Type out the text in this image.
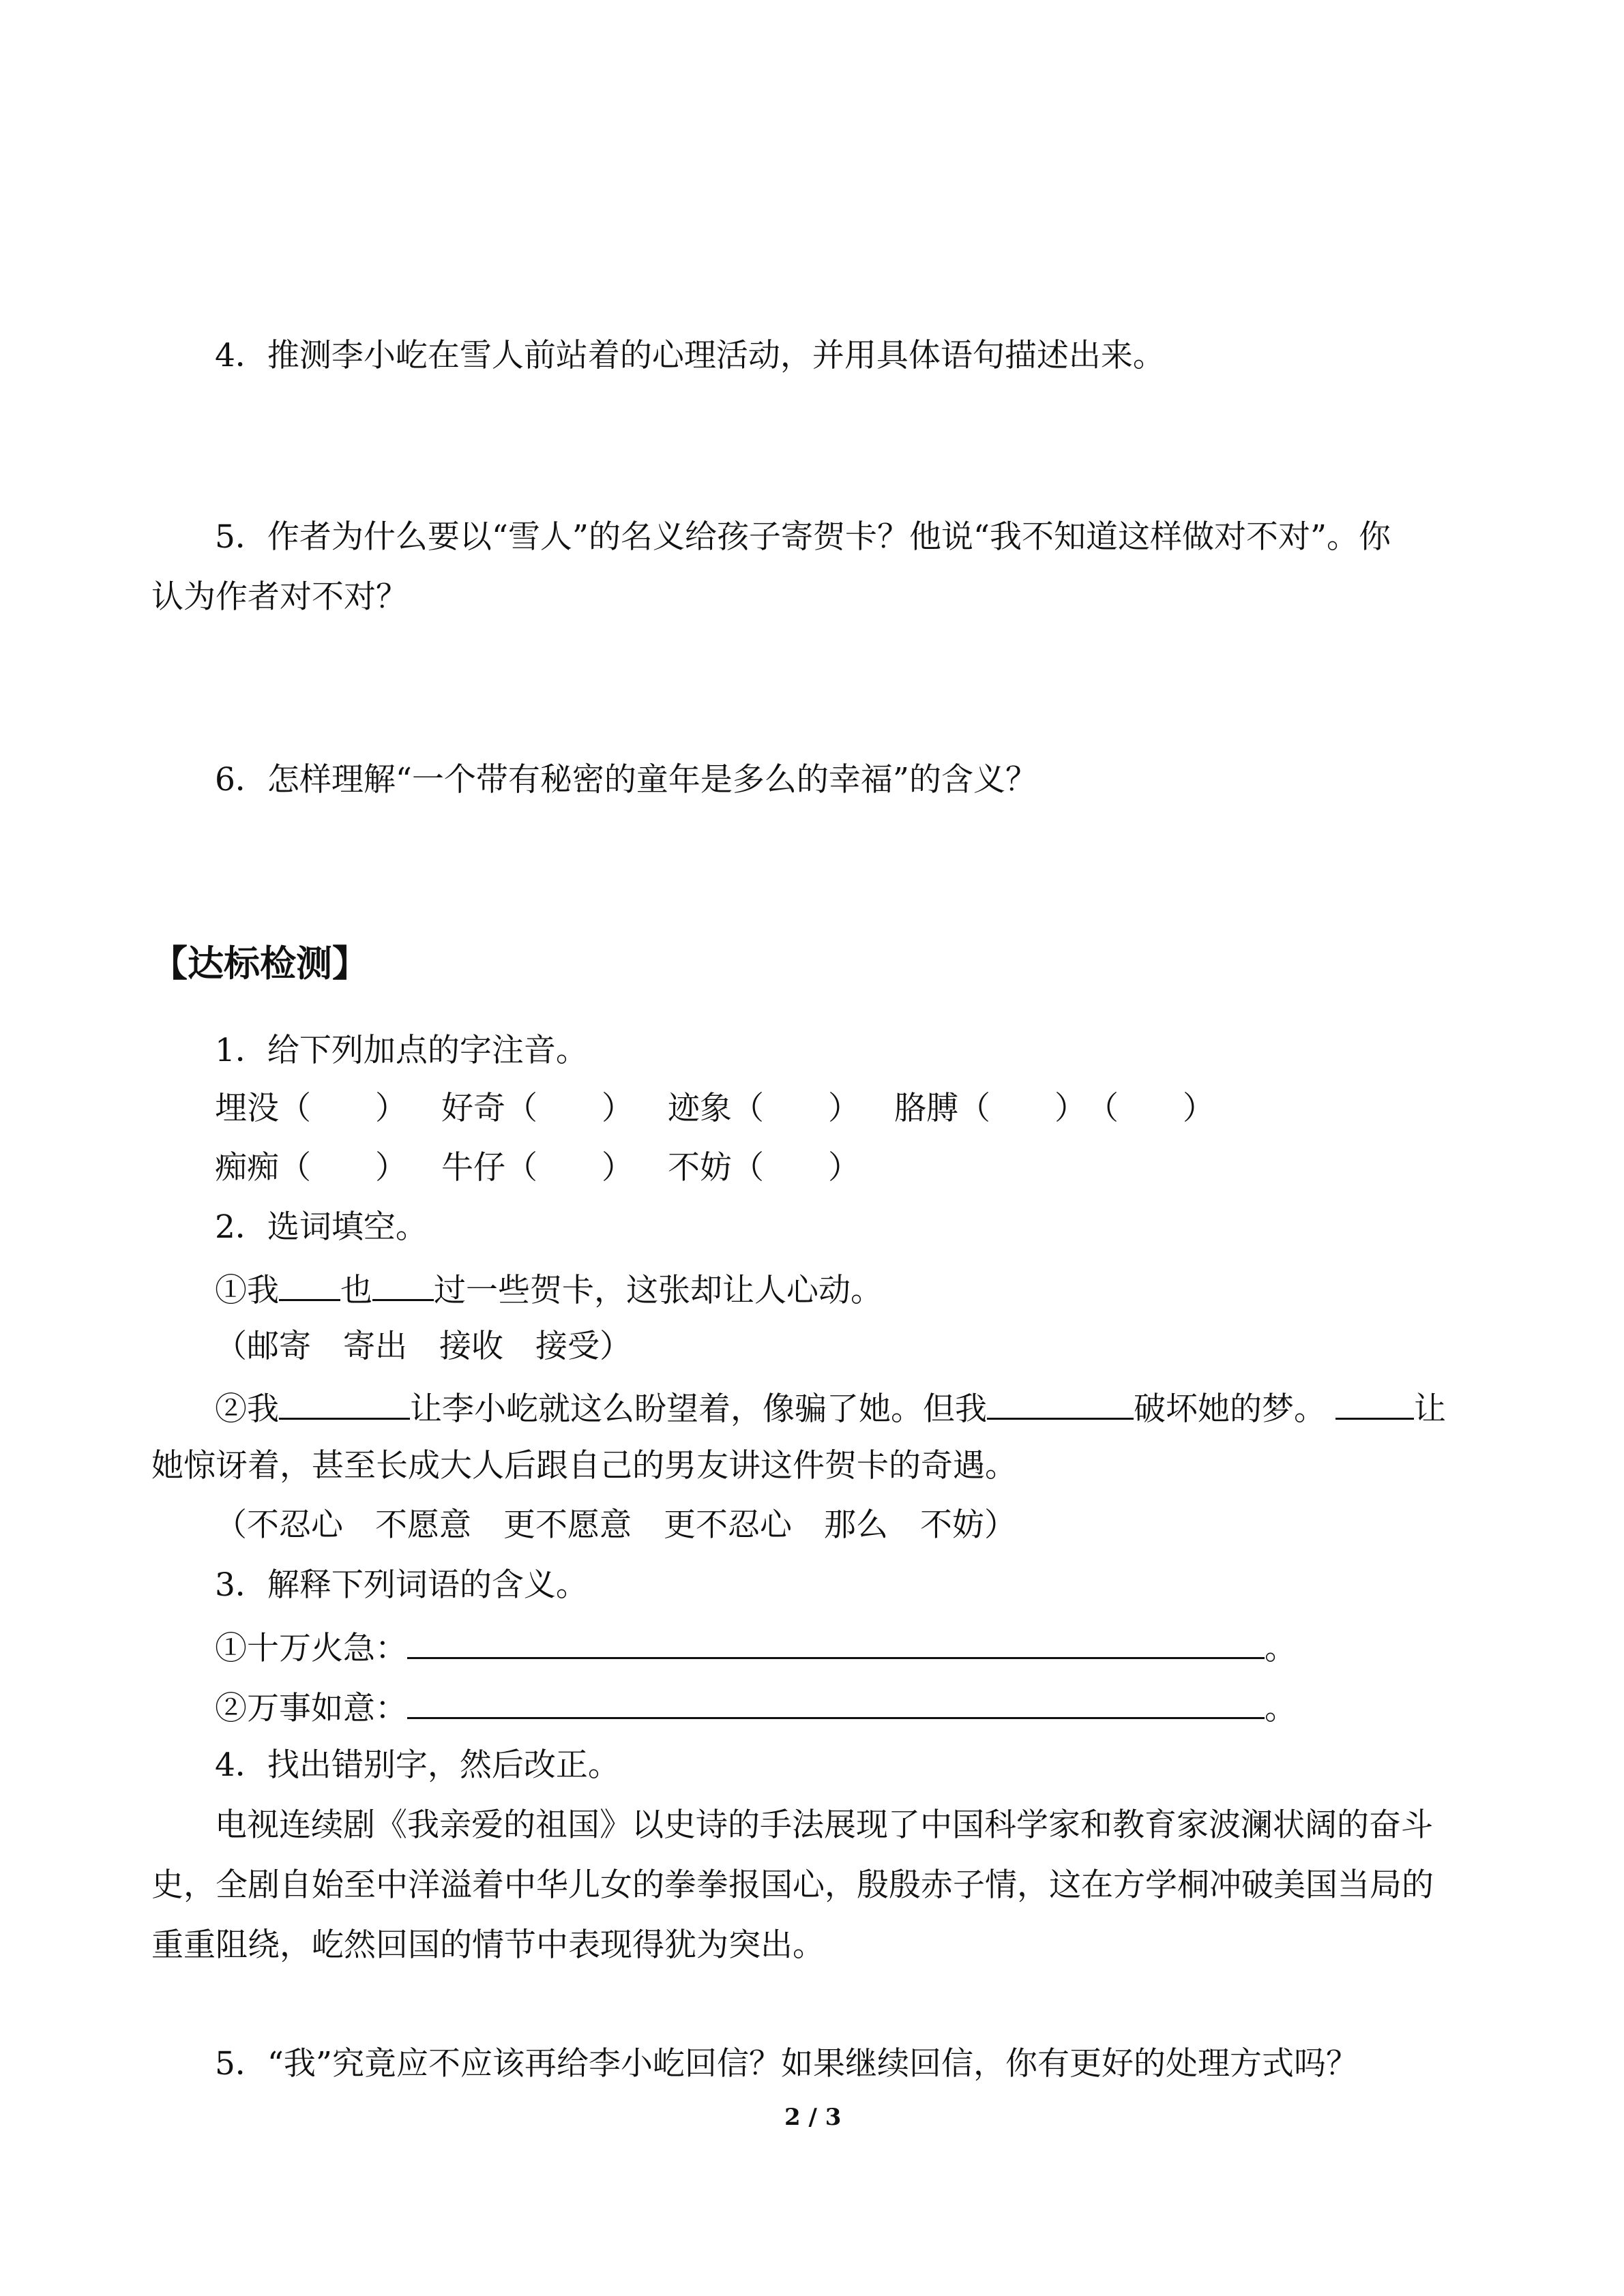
4．推测李小屹在雪人前站着的心理活动，并用具体语句描述出来。
5．作者为什么要以“雪人”的名义给孩子寄贺卡？他说“我不知道这样做对不对”。你
认为作者对不对？
6．怎样理解“一个带有秘密的童年是多么的幸福”的含义？
【达标检测】
1．给下列加点的字注音。
埋没（　　） 好奇（　　） 迹象（　　） 胳膊（　　）（　　）
痴痴（　　） 牛仔（　　） 不妨（　　）
2．选词填空。
①我 也 过一些贺卡，这张却让人心动。
（邮寄　寄出　接收　接受）
②我	让李小屹就这么盼望着，像骗了她。但我	破坏她的梦。	让
她惊讶着，甚至长成大人后跟自己的男友讲这件贺卡的奇遇。
（不忍心　不愿意　更不愿意　更不忍心　那么　不妨）
3．解释下列词语的含义。
①十万火急：	。
②万事如意：	。
4．找出错别字，然后改正。
电视连续剧《我亲爱的祖国》以史诗的手法展现了中国科学家和教育家波澜状阔的奋斗
史，全剧自始至中洋溢着中华儿女的拳拳报国心，殷殷赤子情，这在方学桐冲破美国当局的
重重阻绕，屹然回国的情节中表现得犹为突出。
5．“我”究竟应不应该再给李小屹回信？如果继续回信，你有更好的处理方式吗？
2 / 3
